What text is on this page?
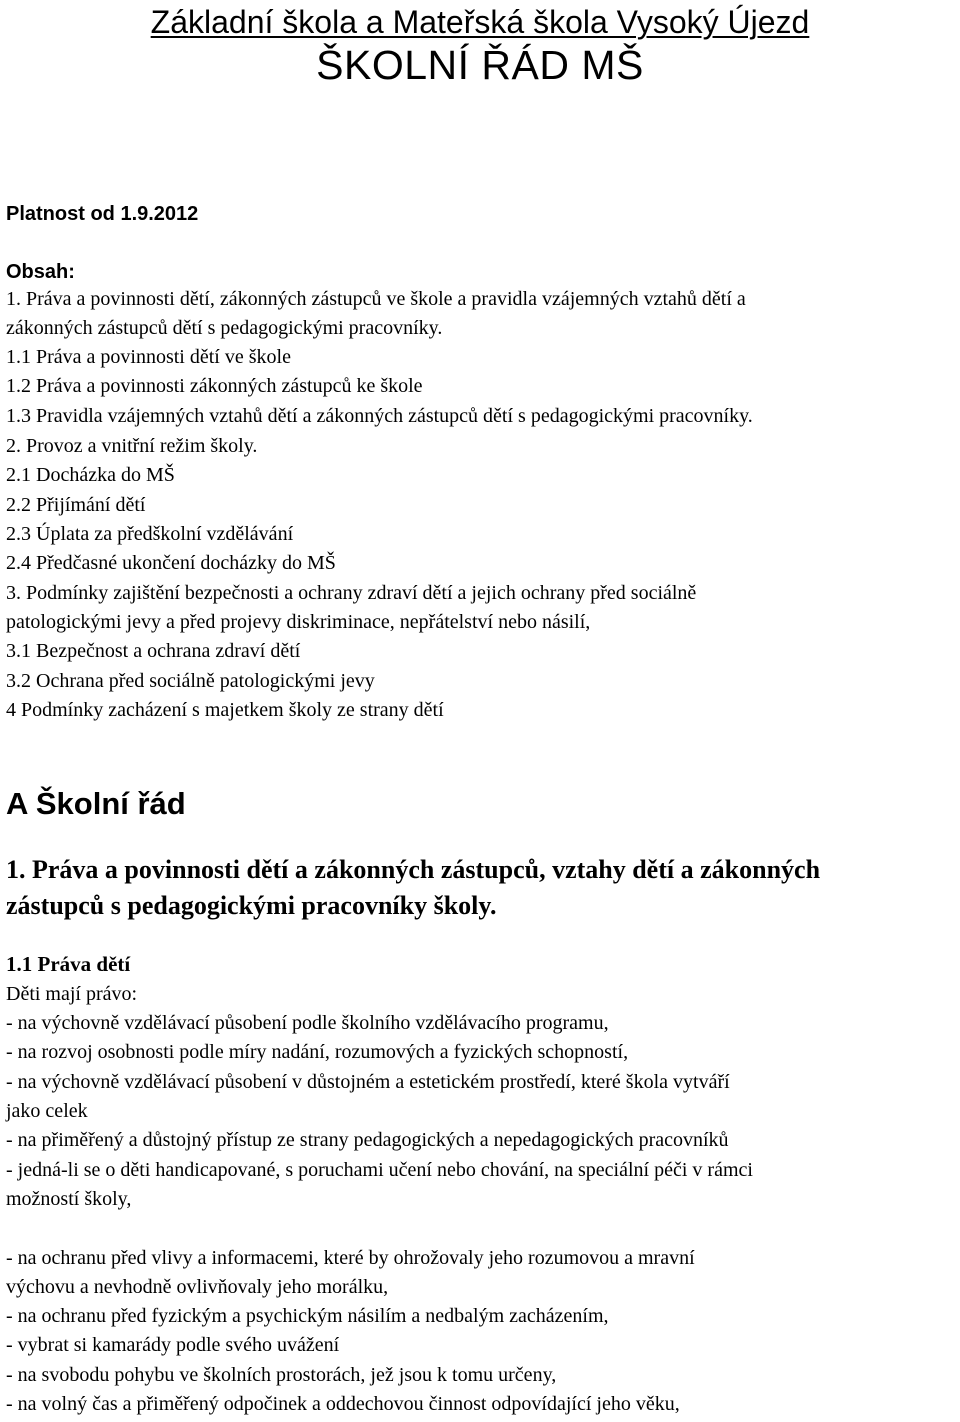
Základní škola a Mateřská škola Vysoký Újezd
ŠKOLNÍ ŘÁD MŠ
Platnost od 1.9.2012
Obsah:
1. Práva a povinnosti dětí, zákonných zástupců ve škole a pravidla vzájemných vztahů dětí a
zákonných zástupců dětí s pedagogickými pracovníky.
1.1 Práva a povinnosti dětí ve škole
1.2 Práva a povinnosti zákonných zástupců ke škole
1.3 Pravidla vzájemných vztahů dětí a zákonných zástupců dětí s pedagogickými pracovníky.
2. Provoz a vnitřní režim školy.
2.1 Docházka do MŠ
2.2 Přijímání dětí
2.3 Úplata za předškolní vzdělávání
2.4 Předčasné ukončení docházky do MŠ
3. Podmínky zajištění bezpečnosti a ochrany zdraví dětí a jejich ochrany před sociálně
patologickými jevy a před projevy diskriminace, nepřátelství nebo násilí,
3.1 Bezpečnost a ochrana zdraví dětí
3.2 Ochrana před sociálně patologickými jevy
4 Podmínky zacházení s majetkem školy ze strany dětí
A Školní řád
1. Práva a povinnosti dětí a zákonných zástupců, vztahy dětí a zákonných
zástupců s pedagogickými pracovníky školy.
1.1 Práva dětí
Děti mají právo:
- na výchovně vzdělávací působení podle školního vzdělávacího programu,
- na rozvoj osobnosti podle míry nadání, rozumových a fyzických schopností,
- na výchovně vzdělávací působení v důstojném a estetickém prostředí, které škola vytváří
jako celek
- na přiměřený a důstojný přístup ze strany pedagogických a nepedagogických pracovníků
- jedná-li se o děti handicapované, s poruchami učení nebo chování, na speciální péči v rámci
možností školy,
- na ochranu před vlivy a informacemi, které by ohrožovaly jeho rozumovou a mravní
výchovu a nevhodně ovlivňovaly jeho morálku,
- na ochranu před fyzickým a psychickým násilím a nedbalým zacházením,
- vybrat si kamarády podle svého uvážení
- na svobodu pohybu ve školních prostorách, jež jsou k tomu určeny,
- na volný čas a přiměřený odpočinek a oddechovou činnost odpovídající jeho věku,
